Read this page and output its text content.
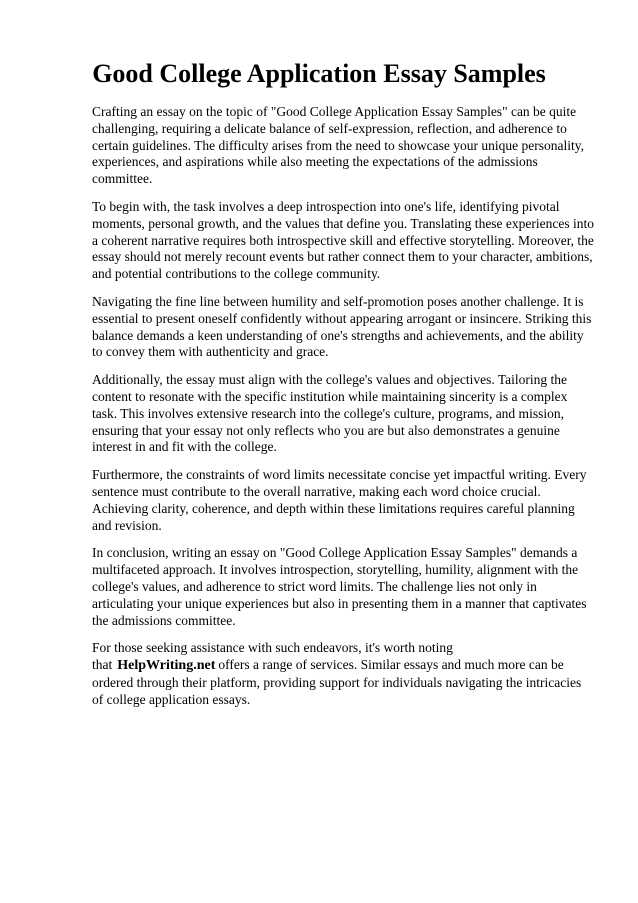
Good College Application Essay Samples

Crafting an essay on the topic of "Good College Application Essay Samples" can be quite challenging, requiring a delicate balance of self-expression, reflection, and adherence to certain guidelines. The difficulty arises from the need to showcase your unique personality, experiences, and aspirations while also meeting the expectations of the admissions committee.

To begin with, the task involves a deep introspection into one's life, identifying pivotal moments, personal growth, and the values that define you. Translating these experiences into a coherent narrative requires both introspective skill and effective storytelling. Moreover, the essay should not merely recount events but rather connect them to your character, ambitions, and potential contributions to the college community.

Navigating the fine line between humility and self-promotion poses another challenge. It is essential to present oneself confidently without appearing arrogant or insincere. Striking this balance demands a keen understanding of one's strengths and achievements, and the ability to convey them with authenticity and grace.

Additionally, the essay must align with the college's values and objectives. Tailoring the content to resonate with the specific institution while maintaining sincerity is a complex task. This involves extensive research into the college's culture, programs, and mission, ensuring that your essay not only reflects who you are but also demonstrates a genuine interest in and fit with the college.

Furthermore, the constraints of word limits necessitate concise yet impactful writing. Every sentence must contribute to the overall narrative, making each word choice crucial. Achieving clarity, coherence, and depth within these limitations requires careful planning and revision.

In conclusion, writing an essay on "Good College Application Essay Samples" demands a multifaceted approach. It involves introspection, storytelling, humility, alignment with the college's values, and adherence to strict word limits. The challenge lies not only in articulating your unique experiences but also in presenting them in a manner that captivates the admissions committee.

For those seeking assistance with such endeavors, it's worth noting that HelpWriting.net offers a range of services. Similar essays and much more can be ordered through their platform, providing support for individuals navigating the intricacies of college application essays.
